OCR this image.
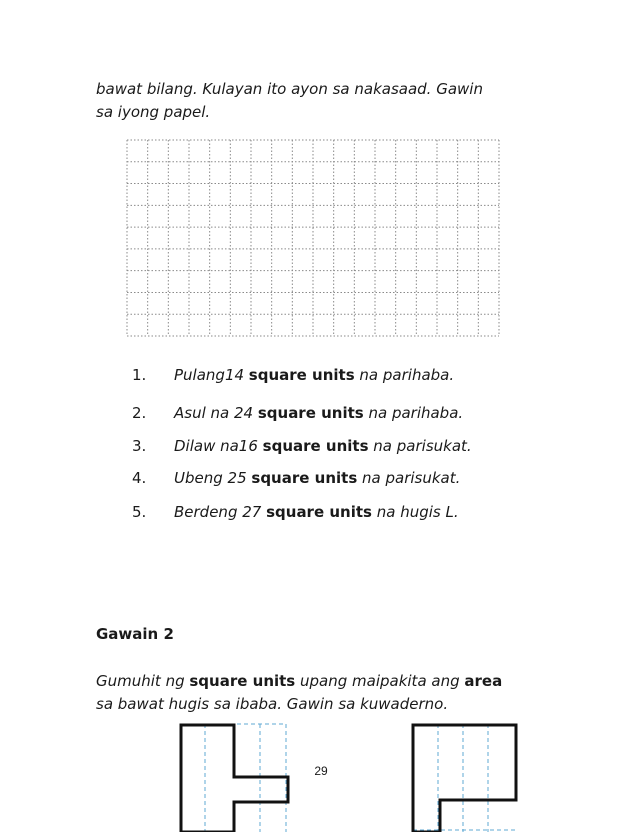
bawat bilang. Kulayan ito ayon sa nakasaad. Gawin
sa iyong papel.

1. Pulang14 square units na parihaba.
2. Asul na 24 square units na parihaba.
3. Dilaw na16 square units na parisukat.
4. Ubeng 25 square units na parisukat.
5. Berdeng 27 square units na hugis L.
Gawain 2

Gumuhit ng square units upang maipakita ang area
sa bawat hugis sa ibaba. Gawin sa kuwaderno.

29
